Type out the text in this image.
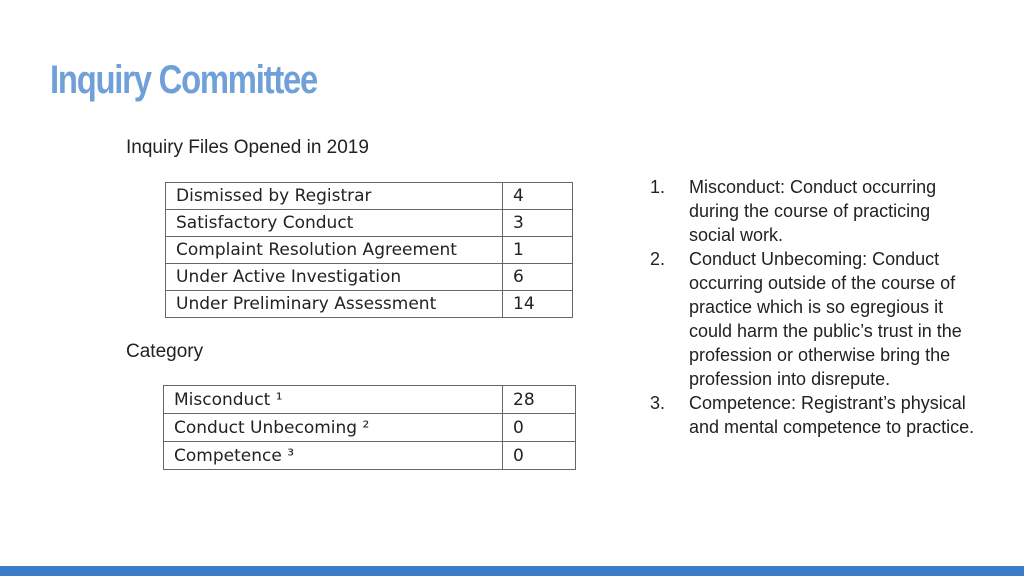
Inquiry Committee
Inquiry Files Opened in 2019
Dismissed by Registrar	4
Satisfactory Conduct	3
Complaint Resolution Agreement	1
Under Active Investigation	6
Under Preliminary Assessment	14
Category
Misconduct ¹	28
Conduct Unbecoming ²	0
Competence ³	0
1. Misconduct: Conduct occurring during the course of practicing social work.
2. Conduct Unbecoming: Conduct occurring outside of the course of practice which is so egregious it could harm the public’s trust in the profession or otherwise bring the profession into disrepute.
3. Competence: Registrant’s physical and mental competence to practice.
